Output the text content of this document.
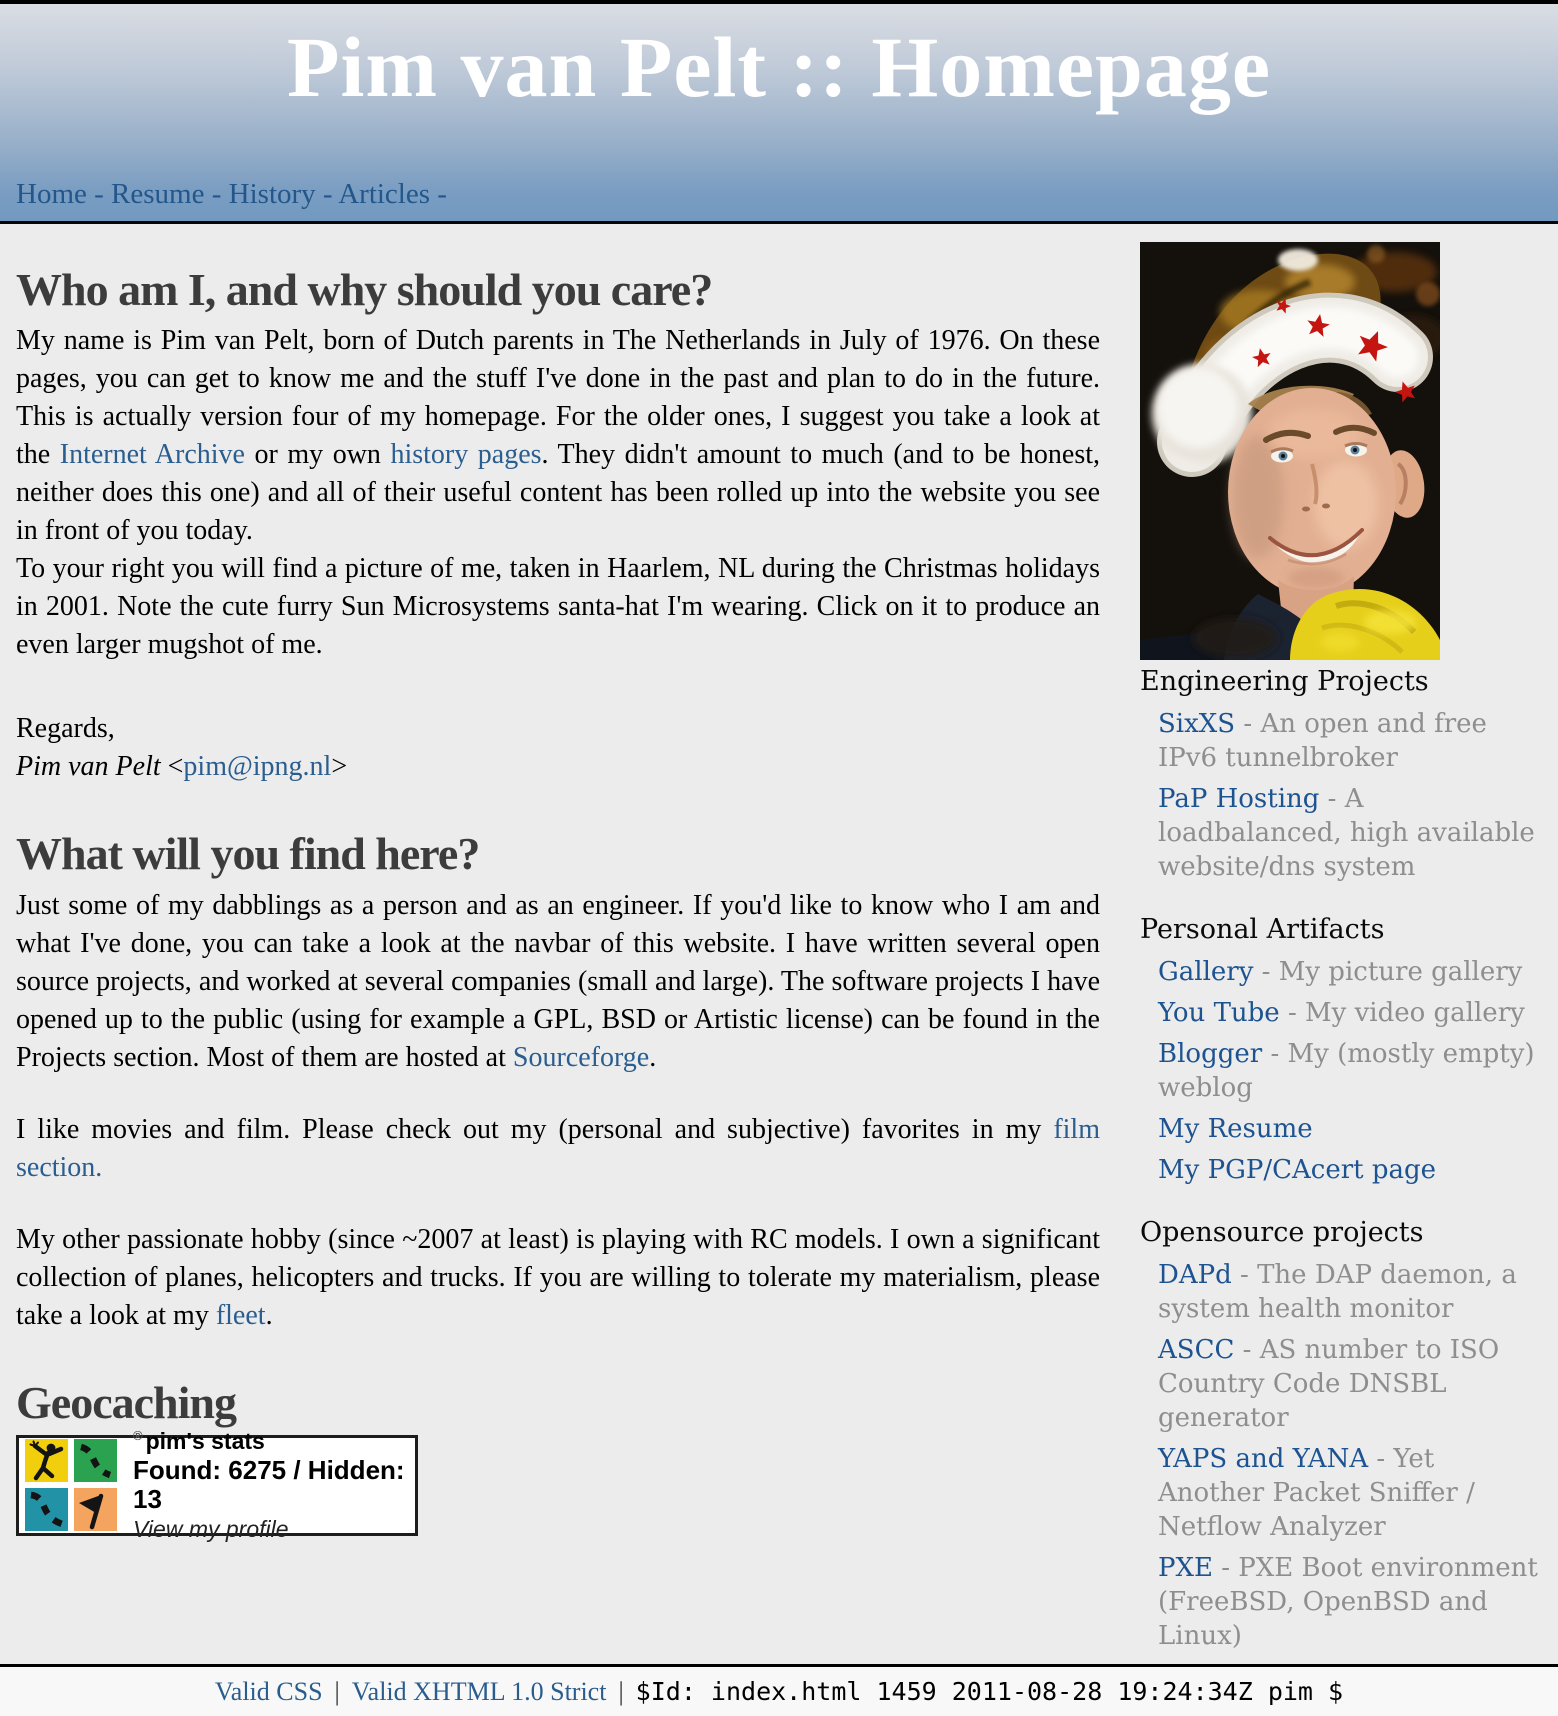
Pim van Pelt :: Homepage
Home - Resume - History - Articles -
Who am I, and why should you care?

My name is Pim van Pelt, born of Dutch parents in The Netherlands in July of 1976. On these pages, you can get to know me and the stuff I've done in the past and plan to do in the future. This is actually version four of my homepage. For the older ones, I suggest you take a look at the Internet Archive or my own history pages. They didn't amount to much (and to be honest, neither does this one) and all of their useful content has been rolled up into the website you see in front of you today.

To your right you will find a picture of me, taken in Haarlem, NL during the Christmas holidays in 2001. Note the cute furry Sun Microsystems santa-hat I'm wearing. Click on it to produce an even larger mugshot of me.

Regards,

Pim van Pelt <pim@ipng.nl>

What will you find here?

Just some of my dabblings as a person and as an engineer. If you'd like to know who I am and what I've done, you can take a look at the navbar of this website. I have written several open source projects, and worked at several companies (small and large). The software projects I have opened up to the public (using for example a GPL, BSD or Artistic license) can be found in the Projects section. Most of them are hosted at Sourceforge.

I like movies and film. Please check out my (personal and subjective) favorites in my film section.

My other passionate hobby (since ~2007 at least) is playing with RC models. I own a significant collection of planes, helicopters and trucks. If you are willing to tolerate my materialism, please take a look at my fleet.

Geocaching
® pim's stats
Found: 6275 / Hidden: 13
View my profile
Engineering Projects
SixXS - An open and free IPv6 tunnelbroker
PaP Hosting - A loadbalanced, high available website/dns system
Personal Artifacts
Gallery - My picture gallery
You Tube - My video gallery
Blogger - My (mostly empty) weblog
My Resume
My PGP/CAcert page
Opensource projects
DAPd - The DAP daemon, a system health monitor
ASCC - AS number to ISO Country Code DNSBL generator
YAPS and YANA - Yet Another Packet Sniffer / Netflow Analyzer
PXE - PXE Boot environment (FreeBSD, OpenBSD and Linux)
Valid CSS | Valid XHTML 1.0 Strict | $Id: index.html 1459 2011-08-28 19:24:34Z pim $
